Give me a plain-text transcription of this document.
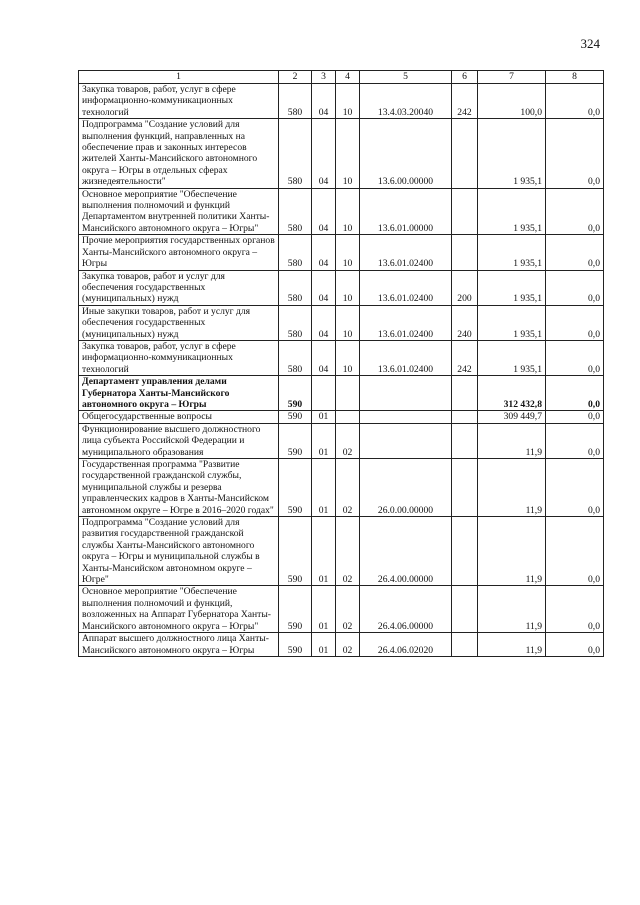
324
1	2	3	4	5	6	7	8
Закупка товаров, работ, услуг в сфере информационно-коммуникационных технологий	580	04	10	13.4.03.20040	242	100,0	0,0
Подпрограмма "Создание условий для выполнения функций, направленных на обеспечение прав и законных интересов жителей Ханты-Мансийского автономного округа – Югры в отдельных сферах жизнедеятельности"	580	04	10	13.6.00.00000		1 935,1	0,0
Основное мероприятие "Обеспечение выполнения полномочий и функций Департаментом внутренней политики Ханты-Мансийского автономного округа – Югры"	580	04	10	13.6.01.00000		1 935,1	0,0
Прочие мероприятия государственных органов Ханты-Мансийского автономного округа – Югры	580	04	10	13.6.01.02400		1 935,1	0,0
Закупка товаров, работ и услуг для обеспечения государственных (муниципальных) нужд	580	04	10	13.6.01.02400	200	1 935,1	0,0
Иные закупки товаров, работ и услуг для обеспечения государственных (муниципальных) нужд	580	04	10	13.6.01.02400	240	1 935,1	0,0
Закупка товаров, работ, услуг в сфере информационно-коммуникационных технологий	580	04	10	13.6.01.02400	242	1 935,1	0,0
Департамент управления делами Губернатора Ханты-Мансийского автономного округа – Югры	590					312 432,8	0,0
Общегосударственные вопросы	590	01				309 449,7	0,0
Функционирование высшего должностного лица субъекта Российской Федерации и муниципального образования	590	01	02			11,9	0,0
Государственная программа "Развитие государственной гражданской службы, муниципальной службы и резерва управленческих кадров в Ханты-Мансийском автономном округе – Югре в 2016–2020 годах"	590	01	02	26.0.00.00000		11,9	0,0
Подпрограмма "Создание условий для развития государственной гражданской службы Ханты-Мансийского автономного округа – Югры и муниципальной службы в Ханты-Мансийском автономном округе – Югре"	590	01	02	26.4.00.00000		11,9	0,0
Основное мероприятие "Обеспечение выполнения полномочий и функций, возложенных на Аппарат Губернатора Ханты-Мансийского автономного округа – Югры"	590	01	02	26.4.06.00000		11,9	0,0
Аппарат высшего должностного лица Ханты-Мансийского автономного округа – Югры	590	01	02	26.4.06.02020		11,9	0,0
